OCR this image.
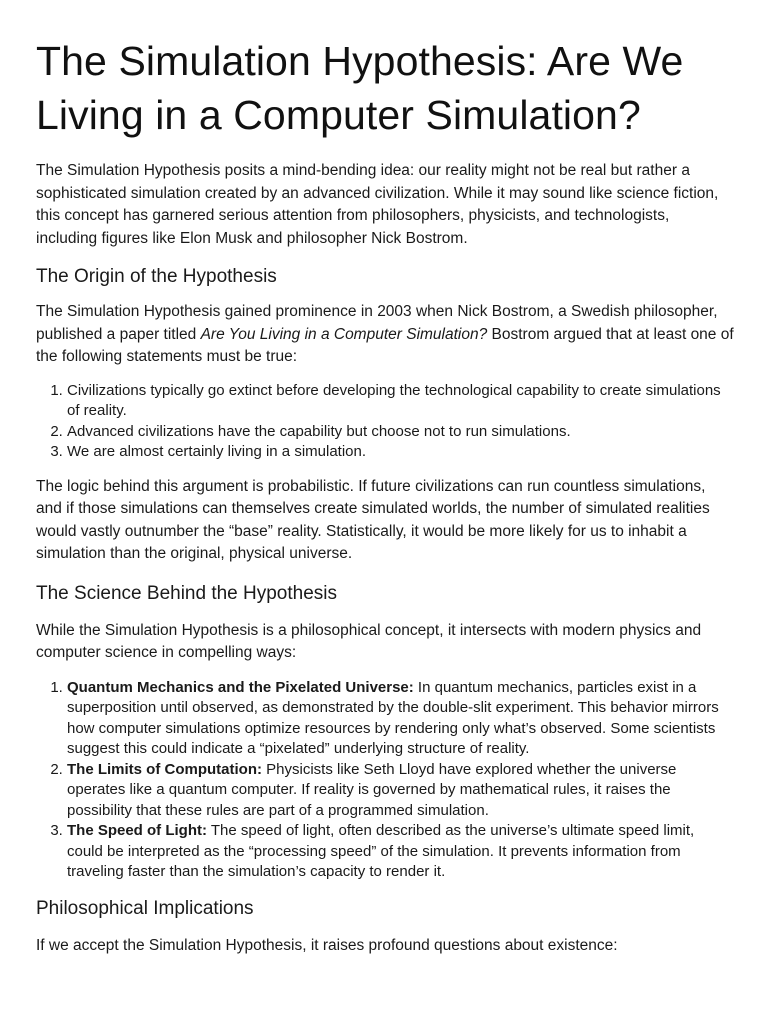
The Simulation Hypothesis: Are We Living in a Computer Simulation?

The Simulation Hypothesis posits a mind-bending idea: our reality might not be real but rather a sophisticated simulation created by an advanced civilization. While it may sound like science fiction, this concept has garnered serious attention from philosophers, physicists, and technologists, including figures like Elon Musk and philosopher Nick Bostrom.

The Origin of the Hypothesis

The Simulation Hypothesis gained prominence in 2003 when Nick Bostrom, a Swedish philosopher, published a paper titled Are You Living in a Computer Simulation? Bostrom argued that at least one of the following statements must be true:

1. Civilizations typically go extinct before developing the technological capability to create simulations of reality.
2. Advanced civilizations have the capability but choose not to run simulations.
3. We are almost certainly living in a simulation.

The logic behind this argument is probabilistic. If future civilizations can run countless simulations, and if those simulations can themselves create simulated worlds, the number of simulated realities would vastly outnumber the “base” reality. Statistically, it would be more likely for us to inhabit a simulation than the original, physical universe.

The Science Behind the Hypothesis

While the Simulation Hypothesis is a philosophical concept, it intersects with modern physics and computer science in compelling ways:

1. Quantum Mechanics and the Pixelated Universe: In quantum mechanics, particles exist in a superposition until observed, as demonstrated by the double-slit experiment. This behavior mirrors how computer simulations optimize resources by rendering only what’s observed. Some scientists suggest this could indicate a “pixelated” underlying structure of reality.
2. The Limits of Computation: Physicists like Seth Lloyd have explored whether the universe operates like a quantum computer. If reality is governed by mathematical rules, it raises the possibility that these rules are part of a programmed simulation.
3. The Speed of Light: The speed of light, often described as the universe’s ultimate speed limit, could be interpreted as the “processing speed” of the simulation. It prevents information from traveling faster than the simulation’s capacity to render it.
Philosophical Implications

If we accept the Simulation Hypothesis, it raises profound questions about existence:
